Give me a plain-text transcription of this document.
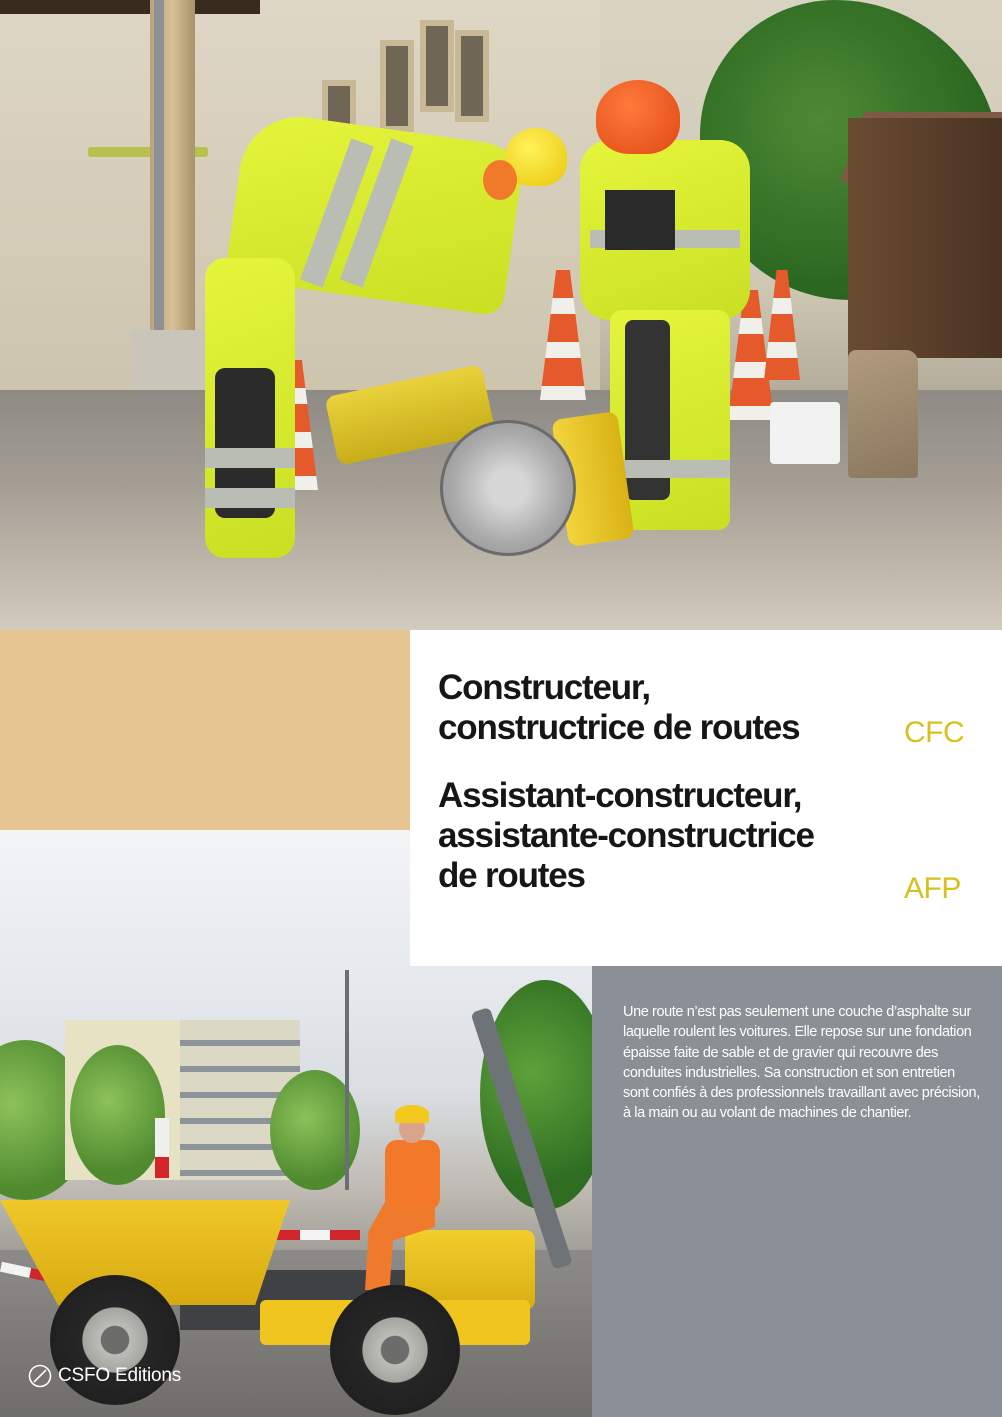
Constructeur,
constructrice de routes	CFC
Assistant-constructeur,
assistante-constructrice
de routes	AFP

Une route n’est pas seulement une couche d’asphalte sur laquelle roulent les voitures. Elle repose sur une fondation épaisse faite de sable et de gravier qui recouvre des conduites industrielles. Sa construction et son entretien sont confiés à des professionnels travaillant avec précision, à la main ou au volant de machines de chantier.

CSFO Editions
